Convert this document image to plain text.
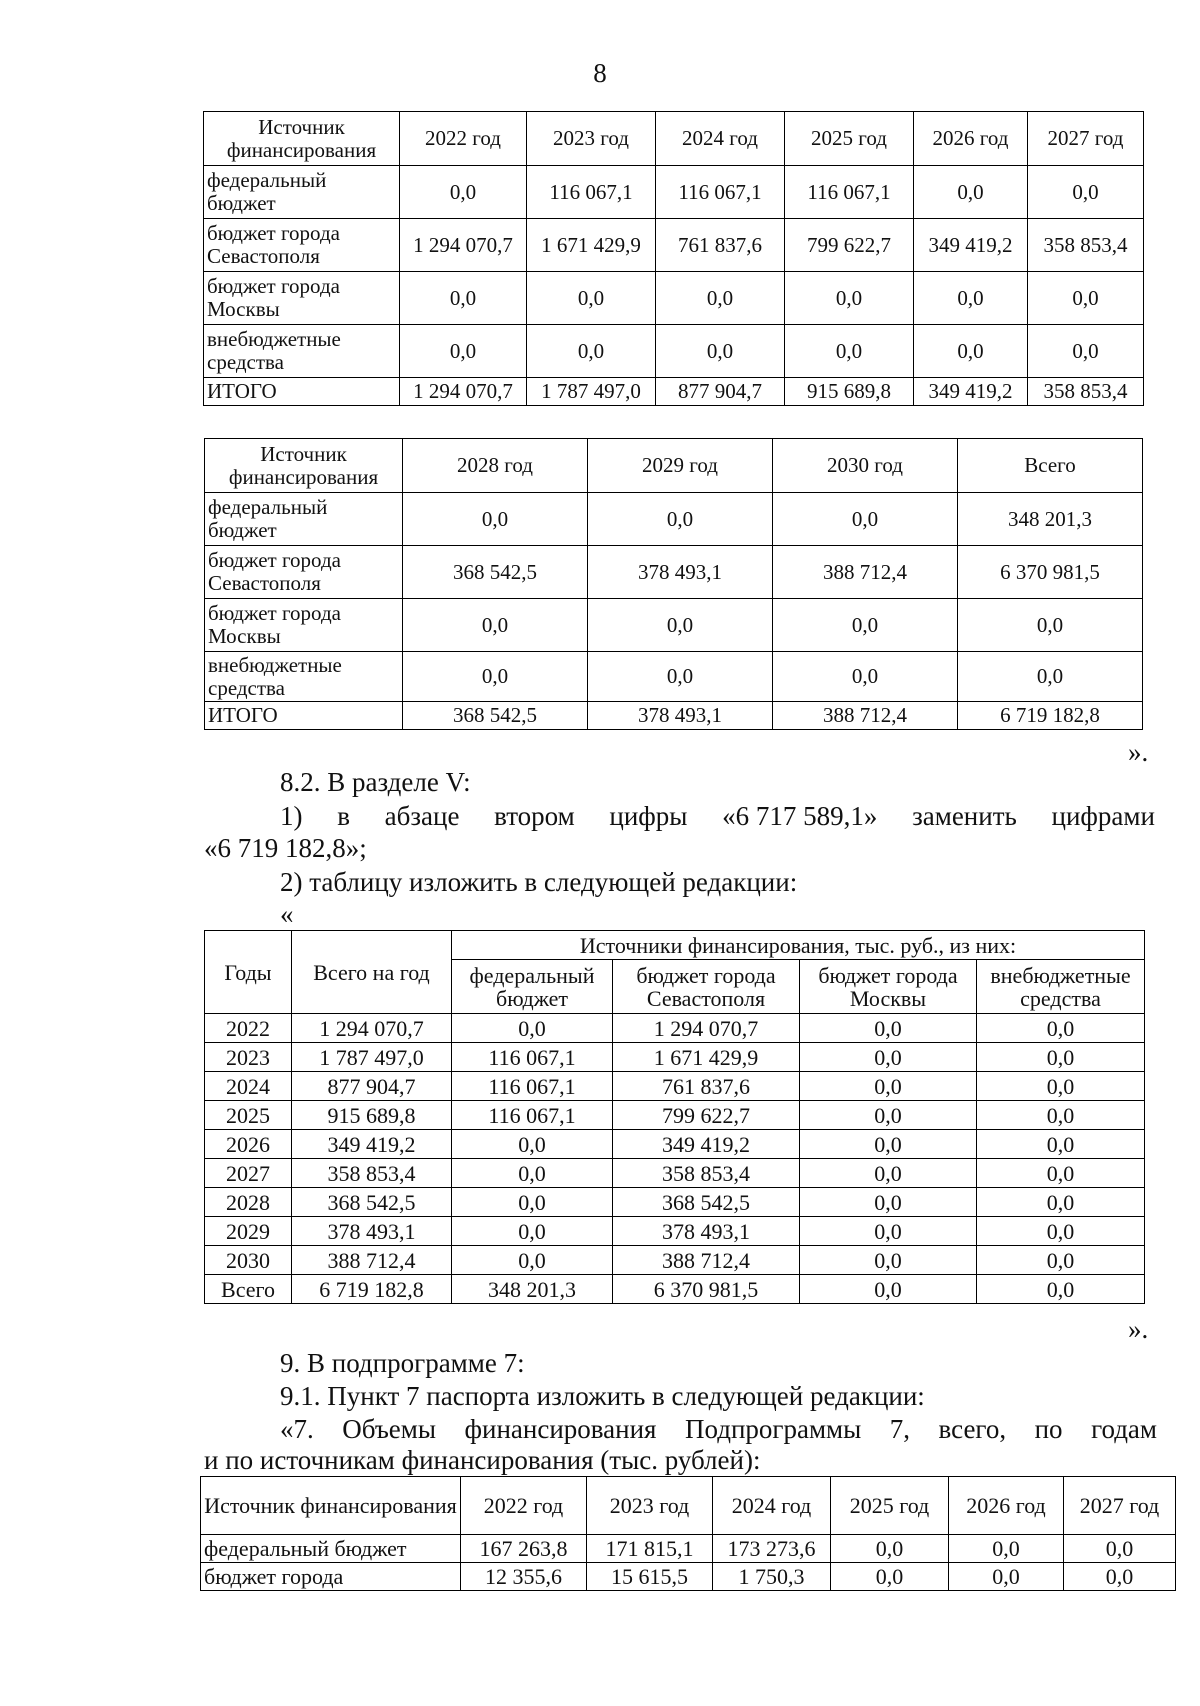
8
Источник финансирования	2022 год	2023 год	2024 год	2025 год	2026 год	2027 год
федеральный бюджет	0,0	116 067,1	116 067,1	116 067,1	0,0	0,0
бюджет города Севастополя	1 294 070,7	1 671 429,9	761 837,6	799 622,7	349 419,2	358 853,4
бюджет города Москвы	0,0	0,0	0,0	0,0	0,0	0,0
внебюджетные средства	0,0	0,0	0,0	0,0	0,0	0,0
ИТОГО	1 294 070,7	1 787 497,0	877 904,7	915 689,8	349 419,2	358 853,4
Источник финансирования	2028 год	2029 год	2030 год	Всего
федеральный бюджет	0,0	0,0	0,0	348 201,3
бюджет города Севастополя	368 542,5	378 493,1	388 712,4	6 370 981,5
бюджет города Москвы	0,0	0,0	0,0	0,0
внебюджетные средства	0,0	0,0	0,0	0,0
ИТОГО	368 542,5	378 493,1	388 712,4	6 719 182,8
».
8.2. В разделе V:
1) в абзаце втором цифры «6 717 589,1» заменить цифрами
«6 719 182,8»;
2) таблицу изложить в следующей редакции:
«
Годы	Всего на год	Источники финансирования, тыс. руб., из них:			
		федеральный бюджет	бюджет города Севастополя	бюджет города Москвы	внебюджетные средства

2022	1 294 070,7	0,0	1 294 070,7	0,0	0,0
2023	1 787 497,0	116 067,1	1 671 429,9	0,0	0,0
2024	877 904,7	116 067,1	761 837,6	0,0	0,0
2025	915 689,8	116 067,1	799 622,7	0,0	0,0
2026	349 419,2	0,0	349 419,2	0,0	0,0
2027	358 853,4	0,0	358 853,4	0,0	0,0
2028	368 542,5	0,0	368 542,5	0,0	0,0
2029	378 493,1	0,0	378 493,1	0,0	0,0
2030	388 712,4	0,0	388 712,4	0,0	0,0
Всего	6 719 182,8	348 201,3	6 370 981,5	0,0	0,0
».
9. В подпрограмме 7:
9.1. Пункт 7 паспорта изложить в следующей редакции:
«7. Объемы финансирования Подпрограммы 7, всего, по годам
и по источникам финансирования (тыс. рублей):
Источник финансирования	2022 год	2023 год	2024 год	2025 год	2026 год	2027 год
федеральный бюджет	167 263,8	171 815,1	173 273,6	0,0	0,0	0,0
бюджет города	12 355,6	15 615,5	1 750,3	0,0	0,0	0,0
